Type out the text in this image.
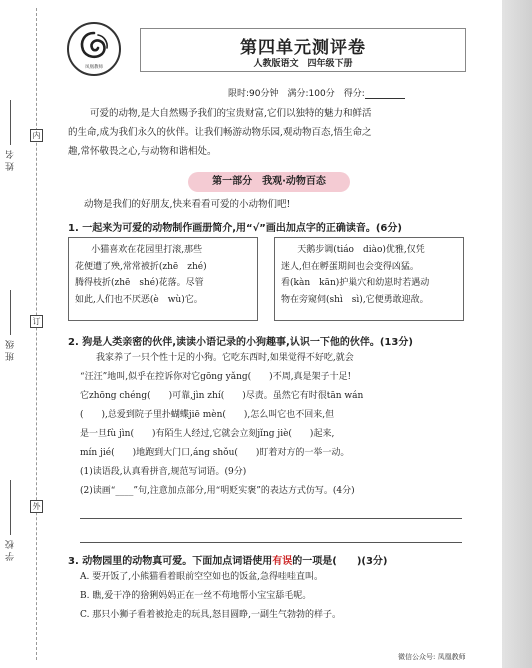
姓 名
班 级
学 校
内
订
外
凤凰教师
第四单元测评卷
人教版语文　四年级下册
限时:90分钟　满分:100分　得分:
可爱的动物,是大自然赐予我们的宝贵财富,它们以独特的魅力和鲜活
的生命,成为我们永久的伙伴。让我们畅游动物乐园,观动物百态,悟生命之
趣,常怀敬畏之心,与动物和谐相处。
第一部分　我观·动物百态
动物是我们的好朋友,快来看看可爱的小动物们吧!
1. 一起来为可爱的动物制作画册简介,用“√”画出加点字的正确读音。(6分)
小猫喜欢在花园里打滚,那些
花便遭了殃,常常被折(zhē　zhé)
腾得枝折(zhē　shé)花落。尽管
如此,人们也不厌恶(è　wù)它。
天鹅步调(tiáo　diào)优雅,仅凭
迷人,但在孵蛋期间也会变得凶猛。
看(kàn　kān)护巢穴和幼崽时若遇动
物在旁窥伺(shì　sì),它便勇敢迎敌。
2. 狗是人类亲密的伙伴,读读小语记录的小狗趣事,认识一下他的伙伴。(13分)
我家养了一只个性十足的小狗。它吃东西时,如果觉得不好吃,就会
“汪汪”地叫,似乎在控诉你对它gōng yǎng(　　)不周,真是架子十足!
它zhōng chéng(　　)可靠,jìn zhí(　　)尽责。虽然它有时很tān wán
(　　),总爱到院子里扑蝴蝶jiē mèn(　　),怎么叫它也不回来,但
是一旦fù jìn(　　)有陌生人经过,它就会立刻jǐng jiè(　　)起来,
mín jié(　　)地跑到大门口,áng shǒu(　　)盯着对方的一举一动。
(1)读语段,认真看拼音,规范写词语。(9分)
(2)读画“____”句,注意加点部分,用“明贬实褒”的表达方式仿写。(4分)
3. 动物园里的动物真可爱。下面加点词语使用有误的一项是(　　)(3分)
A. 要开饭了,小熊猫看着眼前空空如也的饭盆,急得哇哇直叫。
B. 瞧,爱干净的猞猁妈妈正在一丝不苟地帮小宝宝舔毛呢。
C. 那只小狮子看着被抢走的玩具,怒目圆睁,一副生气勃勃的样子。
微信公众号: 凤凰教师
